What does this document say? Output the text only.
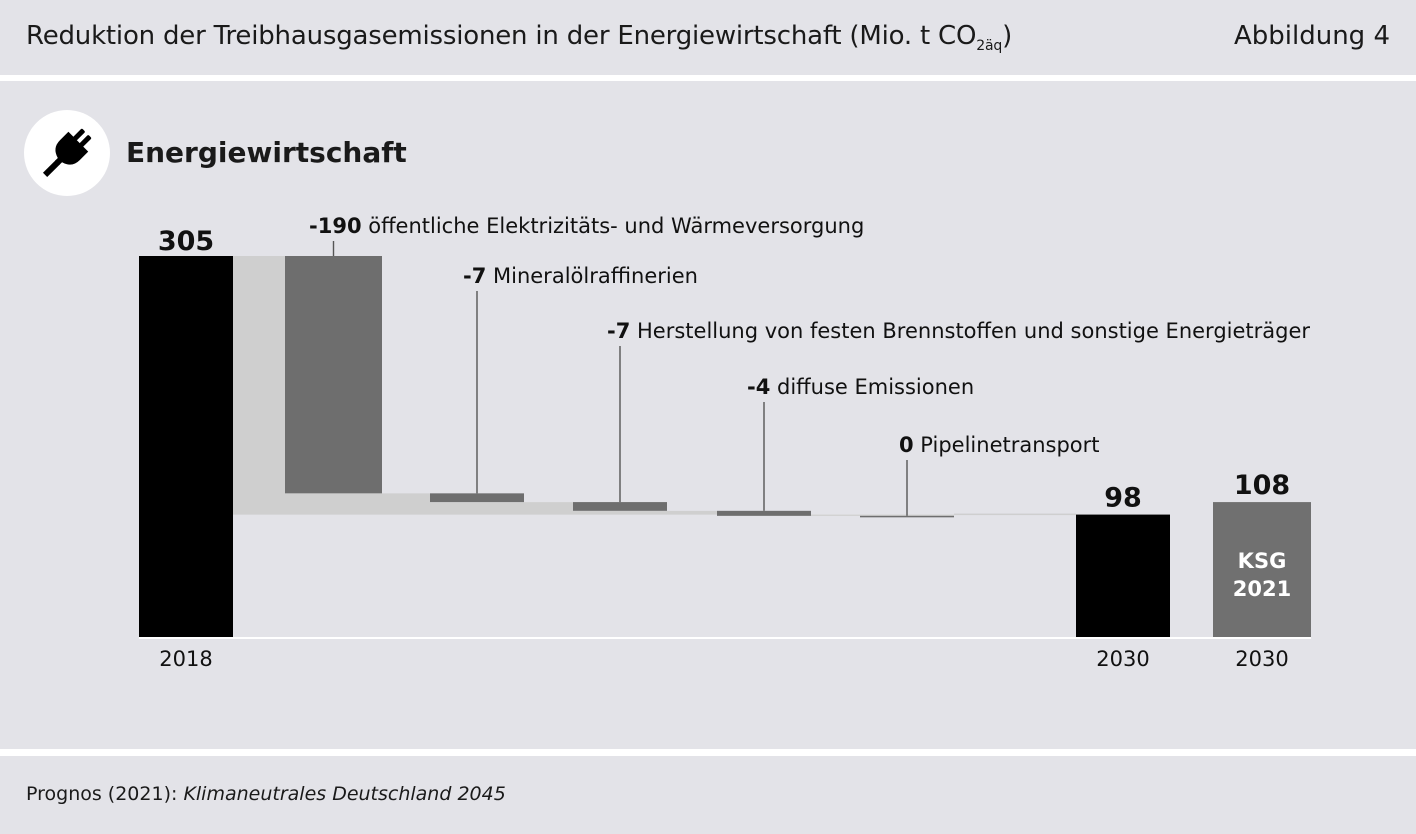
Reduktion der Treibhausgasemissionen in der Energiewirtschaft (Mio. t $CO_{2äq}$)	Abbildung 4
Energiewirtschaft
305
2018
-190 öffentliche Elektrizitäts- und Wärmeversorgung
-7 Mineralölraffinerien
-7 Herstellung von festen Brennstoffen und sonstige Energieträger
-4 diffuse Emissionen
0 Pipelinetransport
98
2030
108
KSG
2021
2030
Prognos (2021): Klimaneutrales Deutschland 2045
